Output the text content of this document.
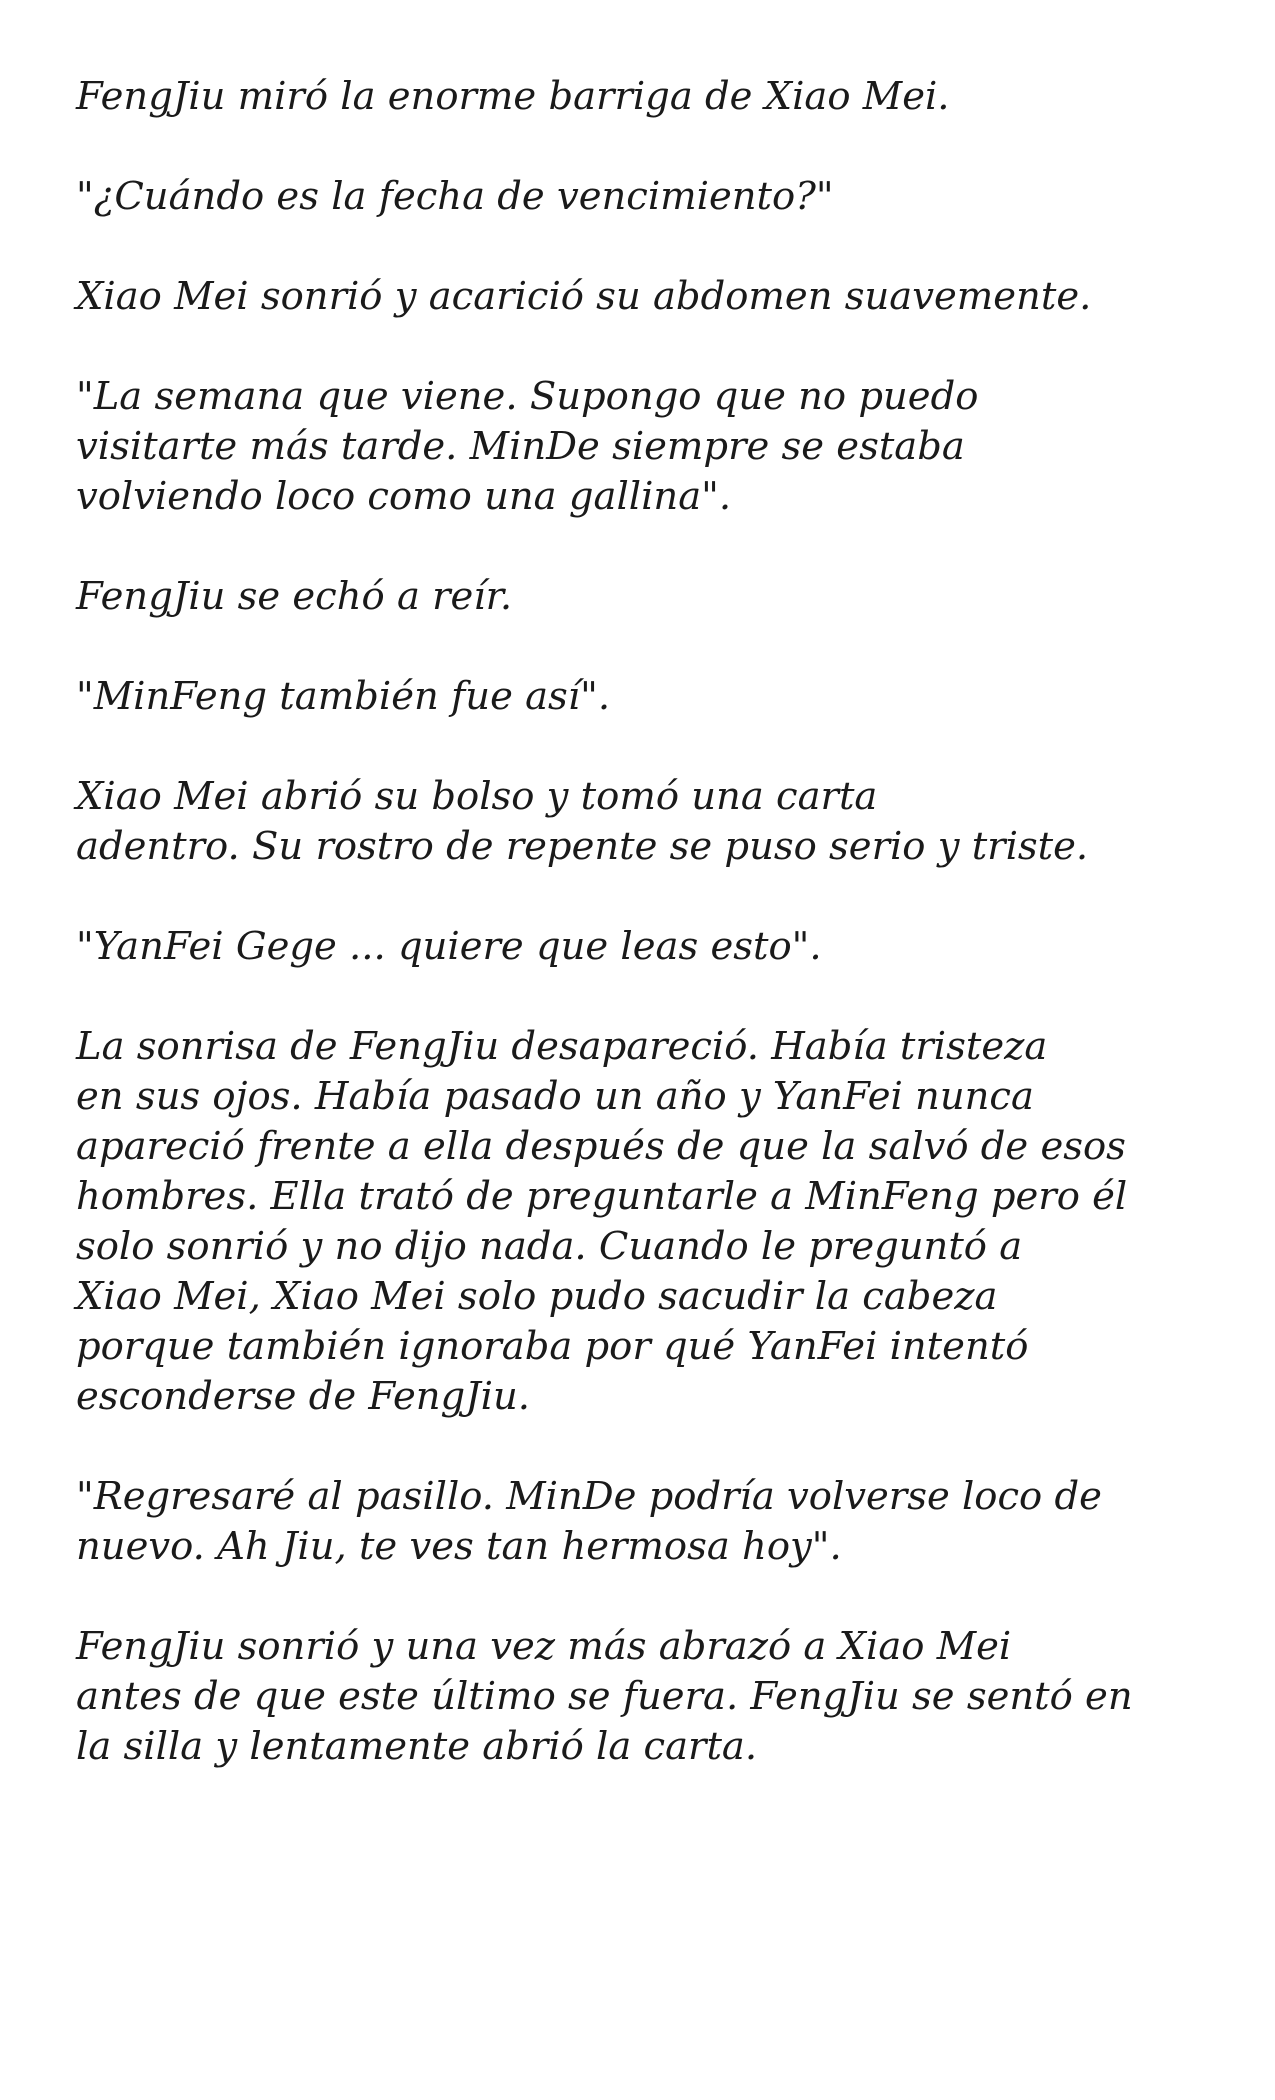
FengJiu miró la enorme barriga de Xiao Mei.

"¿Cuándo es la fecha de vencimiento?"

Xiao Mei sonrió y acarició su abdomen suavemente.

"La semana que viene. Supongo que no puedo
visitarte más tarde. MinDe siempre se estaba
volviendo loco como una gallina".

FengJiu se echó a reír.

"MinFeng también fue así".

Xiao Mei abrió su bolso y tomó una carta
adentro. Su rostro de repente se puso serio y triste.

"YanFei Gege ... quiere que leas esto".

La sonrisa de FengJiu desapareció. Había tristeza
en sus ojos. Había pasado un año y YanFei nunca
apareció frente a ella después de que la salvó de esos
hombres. Ella trató de preguntarle a MinFeng pero él
solo sonrió y no dijo nada. Cuando le preguntó a
Xiao Mei, Xiao Mei solo pudo sacudir la cabeza
porque también ignoraba por qué YanFei intentó
esconderse de FengJiu.

"Regresaré al pasillo. MinDe podría volverse loco de
nuevo. Ah Jiu, te ves tan hermosa hoy".

FengJiu sonrió y una vez más abrazó a Xiao Mei
antes de que este último se fuera. FengJiu se sentó en
la silla y lentamente abrió la carta.
